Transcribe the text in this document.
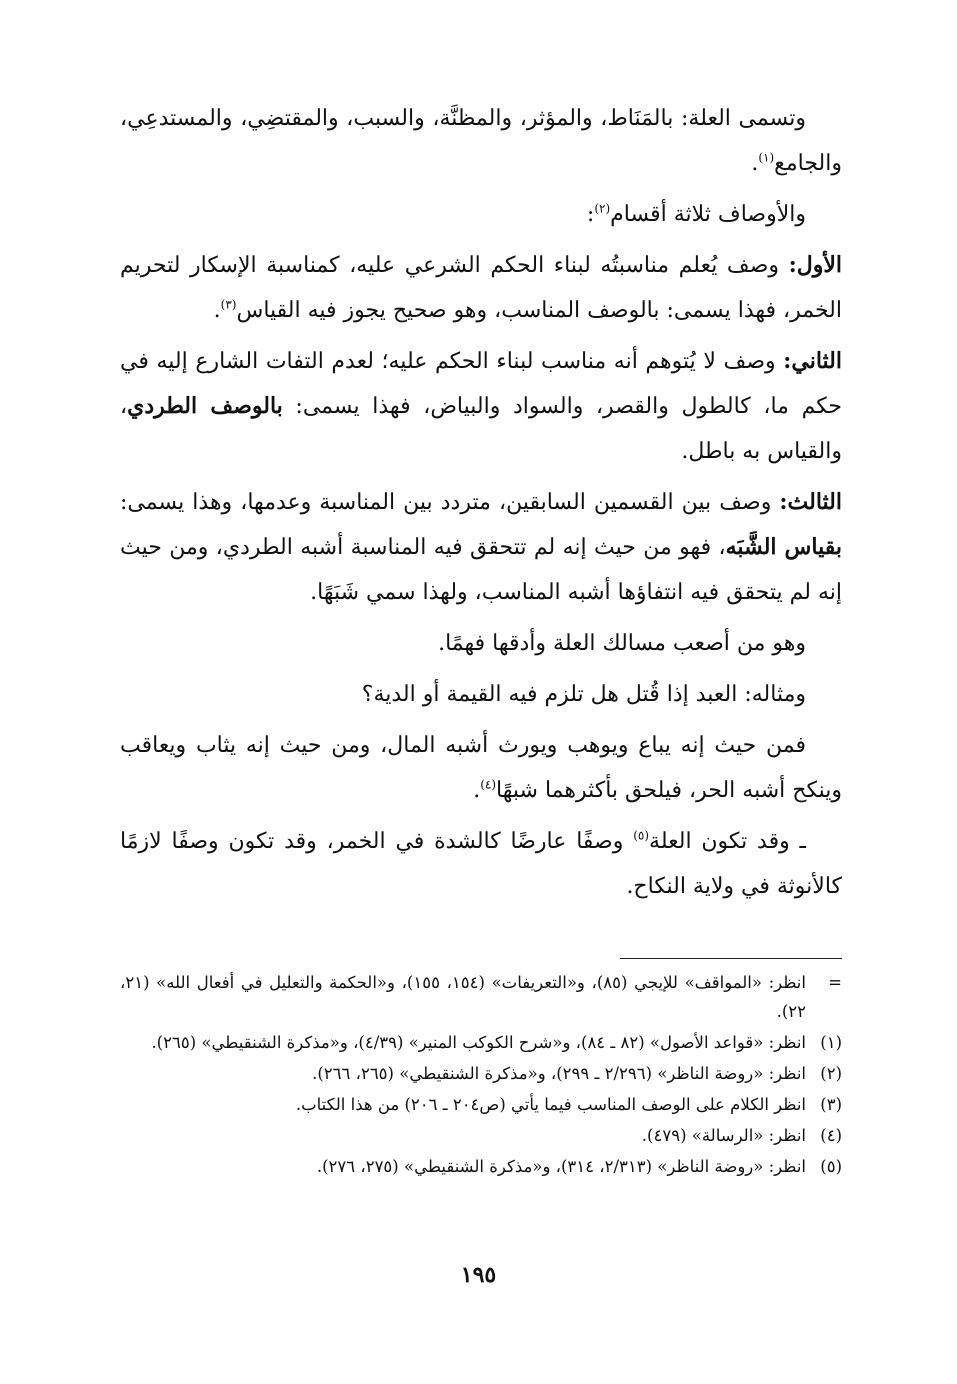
وتسمى العلة: بالمَنَاط، والمؤثر، والمظنَّة، والسبب، والمقتضِي، والمستدعِي، والجامع$^{(١)}$.

والأوصاف ثلاثة أقسام$^{(٢)}$:

الأول: وصف يُعلم مناسبتُه لبناء الحكم الشرعي عليه، كمناسبة الإسكار لتحريم الخمر، فهذا يسمى: بالوصف المناسب، وهو صحيح يجوز فيه القياس$^{(٣)}$.

الثاني: وصف لا يُتوهم أنه مناسب لبناء الحكم عليه؛ لعدم التفات الشارع إليه في حكم ما، كالطول والقصر، والسواد والبياض، فهذا يسمى: بالوصف الطردي، والقياس به باطل.

الثالث: وصف بين القسمين السابقين، متردد بين المناسبة وعدمها، وهذا يسمى: بقياس الشَّبَه، فهو من حيث إنه لم تتحقق فيه المناسبة أشبه الطردي، ومن حيث إنه لم يتحقق فيه انتفاؤها أشبه المناسب، ولهذا سمي شَبَهًا.

وهو من أصعب مسالك العلة وأدقها فهمًا.

ومثاله: العبد إذا قُتل هل تلزم فيه القيمة أو الدية؟

فمن حيث إنه يباع ويوهب ويورث أشبه المال، ومن حيث إنه يثاب ويعاقب وينكح أشبه الحر، فيلحق بأكثرهما شبهًا$^{(٤)}$.

ـ وقد تكون العلة$^{(٥)}$ وصفًا عارضًا كالشدة في الخمر، وقد تكون وصفًا لازمًا كالأنوثة في ولاية النكاح.

=
انظر: «المواقف» للإيجي (٨٥)، و«التعريفات» (١٥٤، ١٥٥)، و«الحكمة والتعليل في أفعال الله» (٢١، ٢٢).
(١)
انظر: «قواعد الأصول» (٨٢ ـ ٨٤)، و«شرح الكوكب المنير» (٤/٣٩)، و«مذكرة الشنقيطي» (٢٦٥).
(٢)
انظر: «روضة الناظر» (٢/٢٩٦ ـ ٢٩٩)، و«مذكرة الشنقيطي» (٢٦٥، ٢٦٦).
(٣)
انظر الكلام على الوصف المناسب فيما يأتي (ص٢٠٤ ـ ٢٠٦) من هذا الكتاب.
(٤)
انظر: «الرسالة» (٤٧٩).
(٥)
انظر: «روضة الناظر» (٢/٣١٣، ٣١٤)، و«مذكرة الشنقيطي» (٢٧٥، ٢٧٦).
١٩٥
